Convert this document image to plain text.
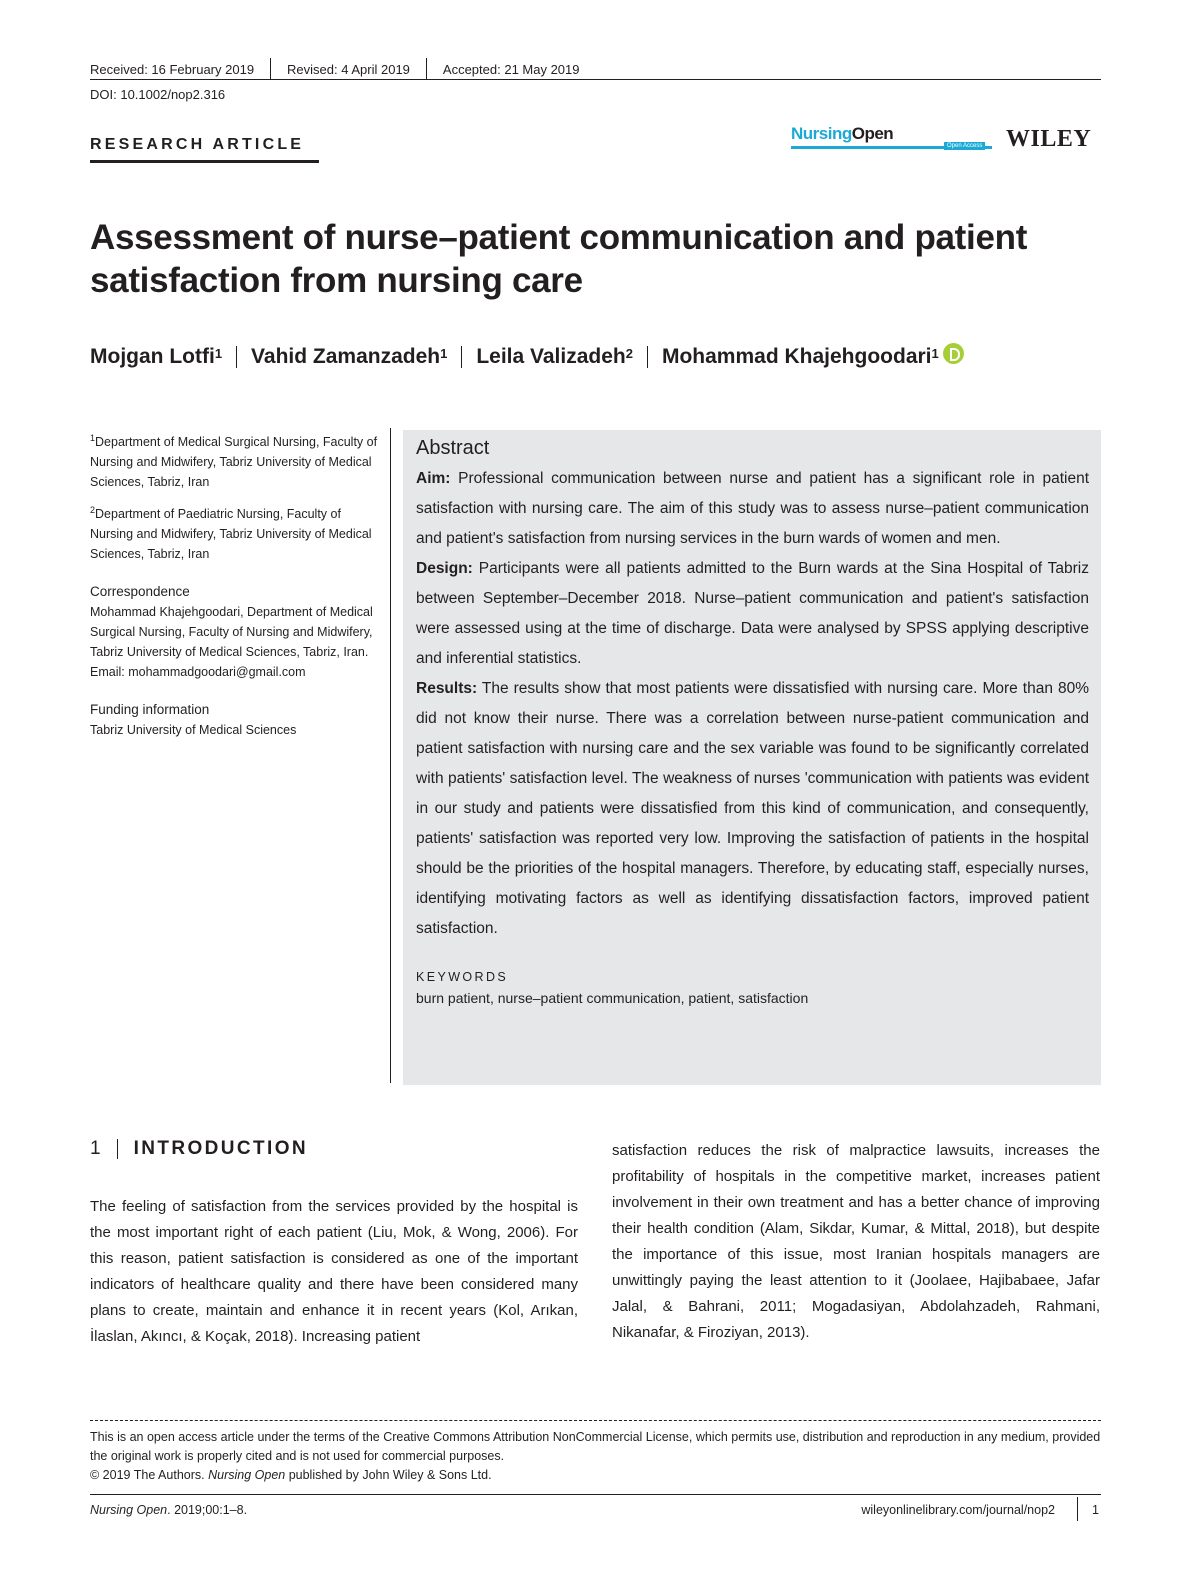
Received: 16 February 2019	Revised: 4 April 2019	Accepted: 21 May 2019
DOI: 10.1002/nop2.316
RESEARCH ARTICLE
NursingOpen
Open Access WILEY
Assessment of nurse–patient communication and patient satisfaction from nursing care
Mojgan Lotfi$^1$ Vahid Zamanzadeh$^1$ Leila Valizadeh$^2$ Mohammad Khajehgoodari$^1$

$^1$Department of Medical Surgical Nursing, Faculty of Nursing and Midwifery, Tabriz University of Medical Sciences, Tabriz, Iran

$^2$Department of Paediatric Nursing, Faculty of Nursing and Midwifery, Tabriz University of Medical Sciences, Tabriz, Iran

Correspondence

Mohammad Khajehgoodari, Department of Medical Surgical Nursing, Faculty of Nursing and Midwifery, Tabriz University of Medical Sciences, Tabriz, Iran.

Email: mohammadgoodari@gmail.com

Funding information

Tabriz University of Medical Sciences

Abstract

Aim: Professional communication between nurse and patient has a significant role in patient satisfaction with nursing care. The aim of this study was to assess nurse–patient communication and patient's satisfaction from nursing services in the burn wards of women and men.

Design: Participants were all patients admitted to the Burn wards at the Sina Hospital of Tabriz between September–December 2018. Nurse–patient communication and patient's satisfaction were assessed using at the time of discharge. Data were analysed by SPSS applying descriptive and inferential statistics.

Results: The results show that most patients were dissatisfied with nursing care. More than 80% did not know their nurse. There was a correlation between nurse-patient communication and patient satisfaction with nursing care and the sex variable was found to be significantly correlated with patients' satisfaction level. The weakness of nurses 'communication with patients was evident in our study and patients were dissatisfied from this kind of communication, and consequently, patients' satisfaction was reported very low. Improving the satisfaction of patients in the hospital should be the priorities of the hospital managers. Therefore, by educating staff, especially nurses, identifying motivating factors as well as identifying dissatisfaction factors, improved patient satisfaction.

KEYWORDS
burn patient, nurse–patient communication, patient, satisfaction
1 INTRODUCTION
The feeling of satisfaction from the services provided by the hospital is the most important right of each patient (Liu, Mok, & Wong, 2006). For this reason, patient satisfaction is considered as one of the important indicators of healthcare quality and there have been considered many plans to create, maintain and enhance it in recent years (Kol, Arıkan, İlaslan, Akıncı, & Koçak, 2018). Increasing patient
satisfaction reduces the risk of malpractice lawsuits, increases the profitability of hospitals in the competitive market, increases patient involvement in their own treatment and has a better chance of improving their health condition (Alam, Sikdar, Kumar, & Mittal, 2018), but despite the importance of this issue, most Iranian hospitals managers are unwittingly paying the least attention to it (Joolaee, Hajibabaee, Jafar Jalal, & Bahrani, 2011; Mogadasiyan, Abdolahzadeh, Rahmani, Nikanafar, & Firoziyan, 2013).

This is an open access article under the terms of the Creative Commons Attribution NonCommercial License, which permits use, distribution and reproduction in any medium, provided the original work is properly cited and is not used for commercial purposes.

© 2019 The Authors. Nursing Open published by John Wiley & Sons Ltd.

Nursing Open. 2019;00:1–8.	wileyonlinelibrary.com/journal/nop2	1
